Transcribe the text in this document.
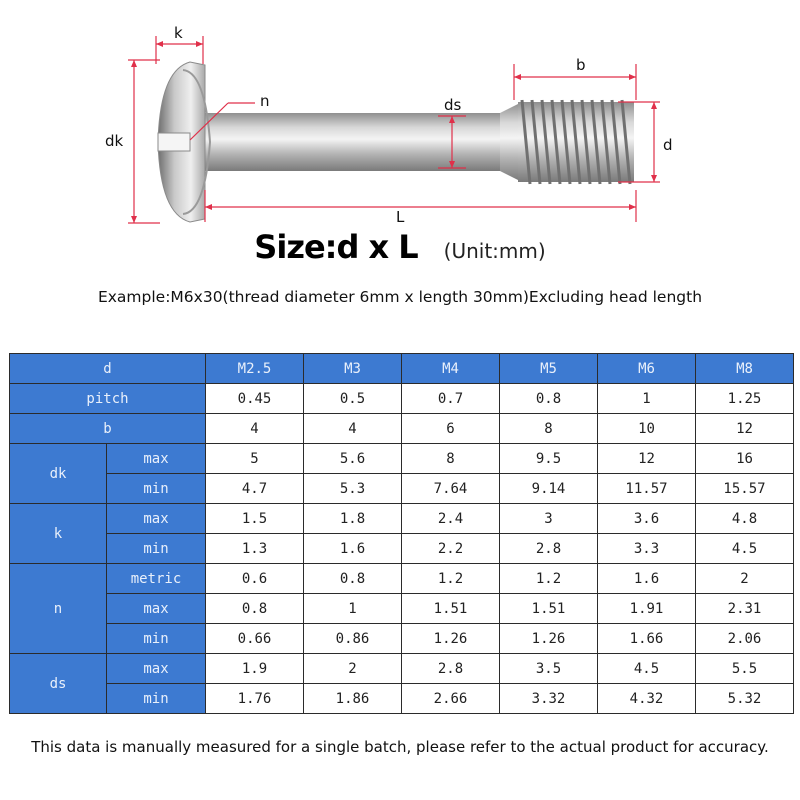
k
n	ds
b
dk	d
L
Size:d x L (Unit:mm)
Example:M6x30(thread diameter 6mm x length 30mm)Excluding head length
d		M2.5	M3	M4	M5	M6	M8
pitch		0.45	0.5	0.7	0.8	1	1.25
b		4	4	6	8	10	12
dk	max	5	5.6	8	9.5	12	16
	min	4.7	5.3	7.64	9.14	11.57	15.57
k	max	1.5	1.8	2.4	3	3.6	4.8
	min	1.3	1.6	2.2	2.8	3.3	4.5
n	metric	0.6	0.8	1.2	1.2	1.6	2
	max	0.8	1	1.51	1.51	1.91	2.31
	min	0.66	0.86	1.26	1.26	1.66	2.06
ds	max	1.9	2	2.8	3.5	4.5	5.5
	min	1.76	1.86	2.66	3.32	4.32	5.32
This data is manually measured for a single batch, please refer to the actual product for accuracy.
